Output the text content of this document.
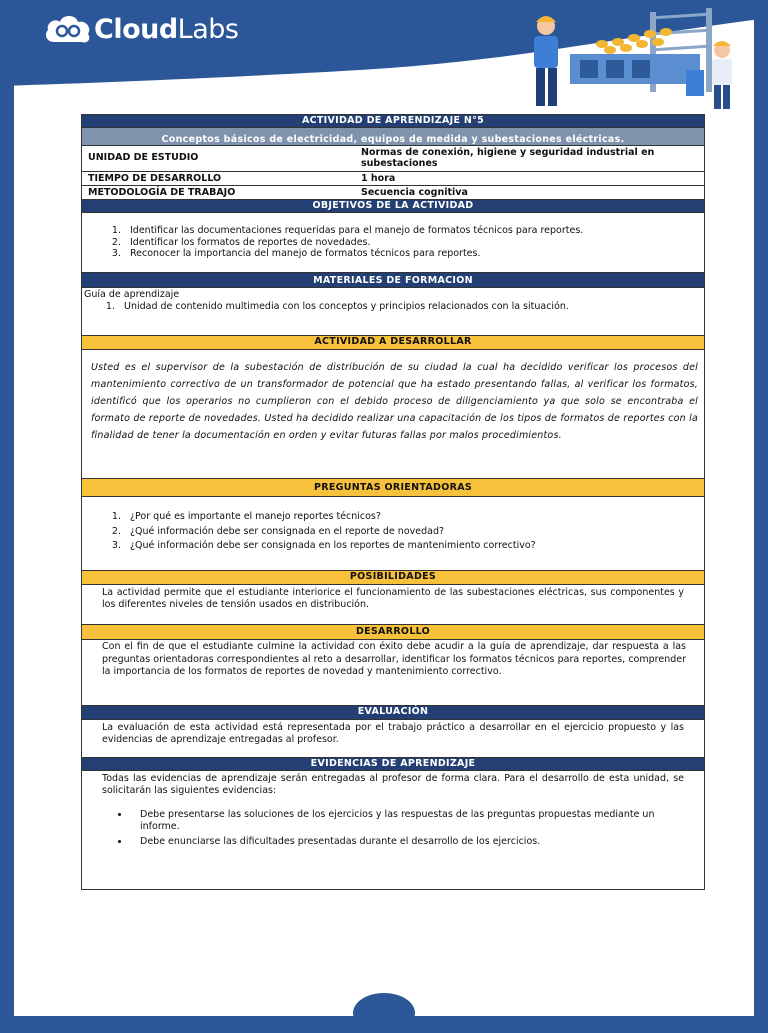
CloudLabs
ACTIVIDAD DE APRENDIZAJE N°5
Conceptos básicos de electricidad, equipos de medida y subestaciones eléctricas.
UNIDAD DE ESTUDIO	Normas de conexión, higiene y seguridad industrial en subestaciones
TIEMPO DE DESARROLLO	1 hora
METODOLOGÍA DE TRABAJO	Secuencia cognitiva
OBJETIVOS DE LA ACTIVIDAD
1. Identificar las documentaciones requeridas para el manejo de formatos técnicos para reportes.
2. Identificar los formatos de reportes de novedades.
3. Reconocer la importancia del manejo de formatos técnicos para reportes.
MATERIALES DE FORMACION
Guía de aprendizaje
1. Unidad de contenido multimedia con los conceptos y principios relacionados con la situación.
ACTIVIDAD A DESARROLLAR
Usted es el supervisor de la subestación de distribución de su ciudad la cual ha decidido verificar los procesos del mantenimiento correctivo de un transformador de potencial que ha estado presentando fallas, al verificar los formatos, identificó que los operarios no cumplieron con el debido proceso de diligenciamiento ya que solo se encontraba el formato de reporte de novedades. Usted ha decidido realizar una capacitación de los tipos de formatos de reportes con la finalidad de tener la documentación en orden y evitar futuras fallas por malos procedimientos.
PREGUNTAS ORIENTADORAS
1. ¿Por qué es importante el manejo reportes técnicos?
2. ¿Qué información debe ser consignada en el reporte de novedad?
3. ¿Qué información debe ser consignada en los reportes de mantenimiento correctivo?
POSIBILIDADES
La actividad permite que el estudiante interiorice el funcionamiento de las subestaciones eléctricas, sus componentes y los diferentes niveles de tensión usados en distribución.
DESARROLLO
Con el fin de que el estudiante culmine la actividad con éxito debe acudir a la guía de aprendizaje, dar respuesta a las preguntas orientadoras correspondientes al reto a desarrollar, identificar los formatos técnicos para reportes, comprender la importancia de los formatos de reportes de novedad y mantenimiento correctivo.
EVALUACIÓN
La evaluación de esta actividad está representada por el trabajo práctico a desarrollar en el ejercicio propuesto y las evidencias de aprendizaje entregadas al profesor.
EVIDENCIAS DE APRENDIZAJE
Todas las evidencias de aprendizaje serán entregadas al profesor de forma clara. Para el desarrollo de esta unidad, se solicitarán las siguientes evidencias:
• Debe presentarse las soluciones de los ejercicios y las respuestas de las preguntas propuestas mediante un informe.
• Debe enunciarse las dificultades presentadas durante el desarrollo de los ejercicios.
